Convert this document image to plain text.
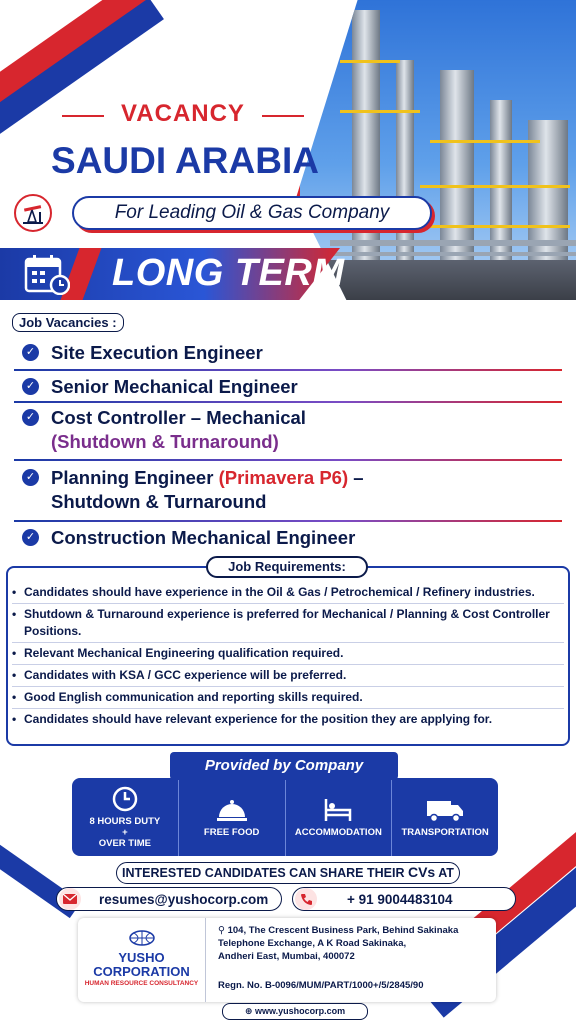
VACANCY
SAUDI ARABIA
For Leading Oil & Gas Company
LONG TERM
Job Vacancies :
✓ Site Execution Engineer
✓ Senior Mechanical Engineer
✓ Cost Controller – Mechanical
(Shutdown & Turnaround)
✓ Planning Engineer (Primavera P6) –
Shutdown & Turnaround
✓ Construction Mechanical Engineer
Job Requirements:
• Candidates should have experience in the Oil & Gas / Petrochemical / Refinery industries.
• Shutdown & Turnaround experience is preferred for Mechanical / Planning & Cost Controller Positions.
• Relevant Mechanical Engineering qualification required.
• Candidates with KSA / GCC experience will be preferred.
• Good English communication and reporting skills required.
• Candidates should have relevant experience for the position they are applying for.
8 HOURS DUTY
+
OVER TIME
FREE FOOD	ACCOMMODATION TRANSPORTATION
Provided by Company
INTERESTED CANDIDATES CAN SHARE THEIR CVs AT
resumes@yushocorp.com	+ 91 9004483104
YUSHO
CORPORATION
HUMAN RESOURCE CONSULTANCY
⚲ 104, The Crescent Business Park, Behind Sakinaka
Telephone Exchange, A K Road Sakinaka,
Andheri East, Mumbai, 400072
Regn. No. B-0096/MUM/PART/1000+/5/2845/90
⊕ www.yushocorp.com
